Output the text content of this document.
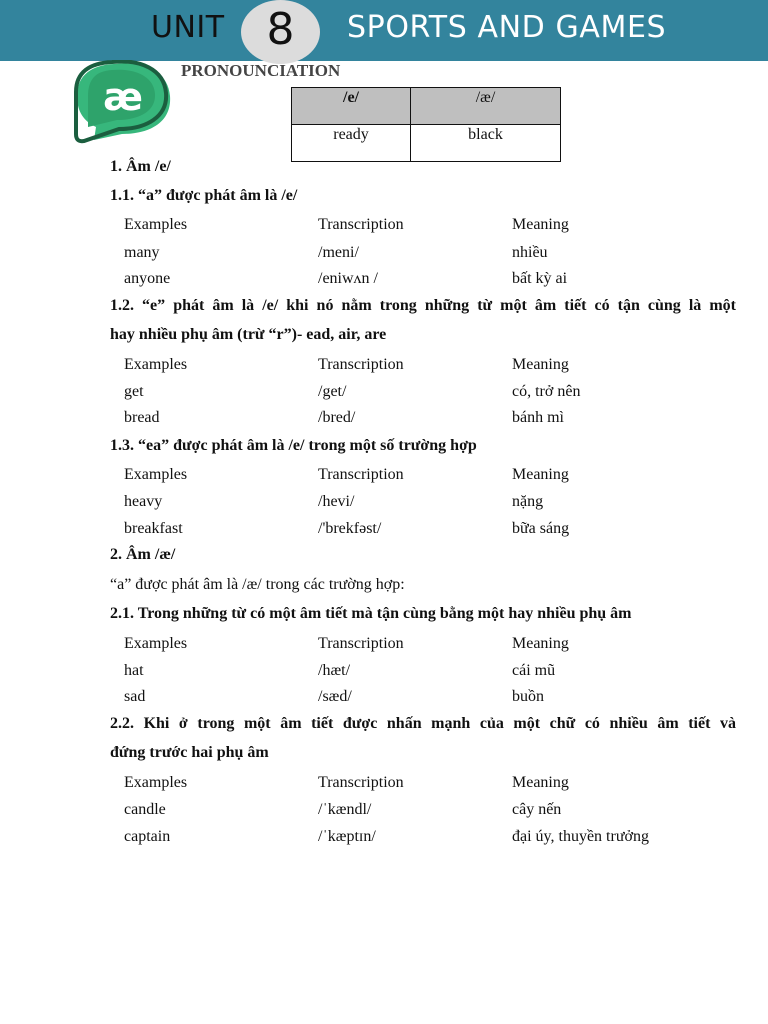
UNIT 8	SPORTS AND GAMES
æ
PRONOUNCIATION
/e/	/æ/
ready	black
1. Âm /e/
1.1. “a” được phát âm là /e/
Examples	Transcription	Meaning
many	/meni/	nhiều
anyone	/eniwʌn /	bất kỳ ai
1.2. “e” phát âm là /e/ khi nó nằm trong những từ một âm tiết có tận cùng là một
hay nhiều phụ âm (trừ “r”)- ead, air, are
Examples	Transcription	Meaning
get	/get/	có, trở nên
bread	/bred/	bánh mì
1.3. “ea” được phát âm là /e/ trong một số trường hợp
Examples	Transcription	Meaning
heavy	/hevi/	nặng
breakfast	/'brekfəst/	bữa sáng
2. Âm /æ/
“a” được phát âm là /æ/ trong các trường hợp:
2.1. Trong những từ có một âm tiết mà tận cùng bằng một hay nhiều phụ âm
Examples	Transcription	Meaning
hat	/hæt/	cái mũ
sad	/sæd/	buồn
2.2. Khi ở trong một âm tiết được nhấn mạnh của một chữ có nhiều âm tiết và
đứng trước hai phụ âm
Examples	Transcription	Meaning
candle	/ˈkændl/	cây nến
captain	/ˈkæptɪn/	đại úy, thuyền trưởng
